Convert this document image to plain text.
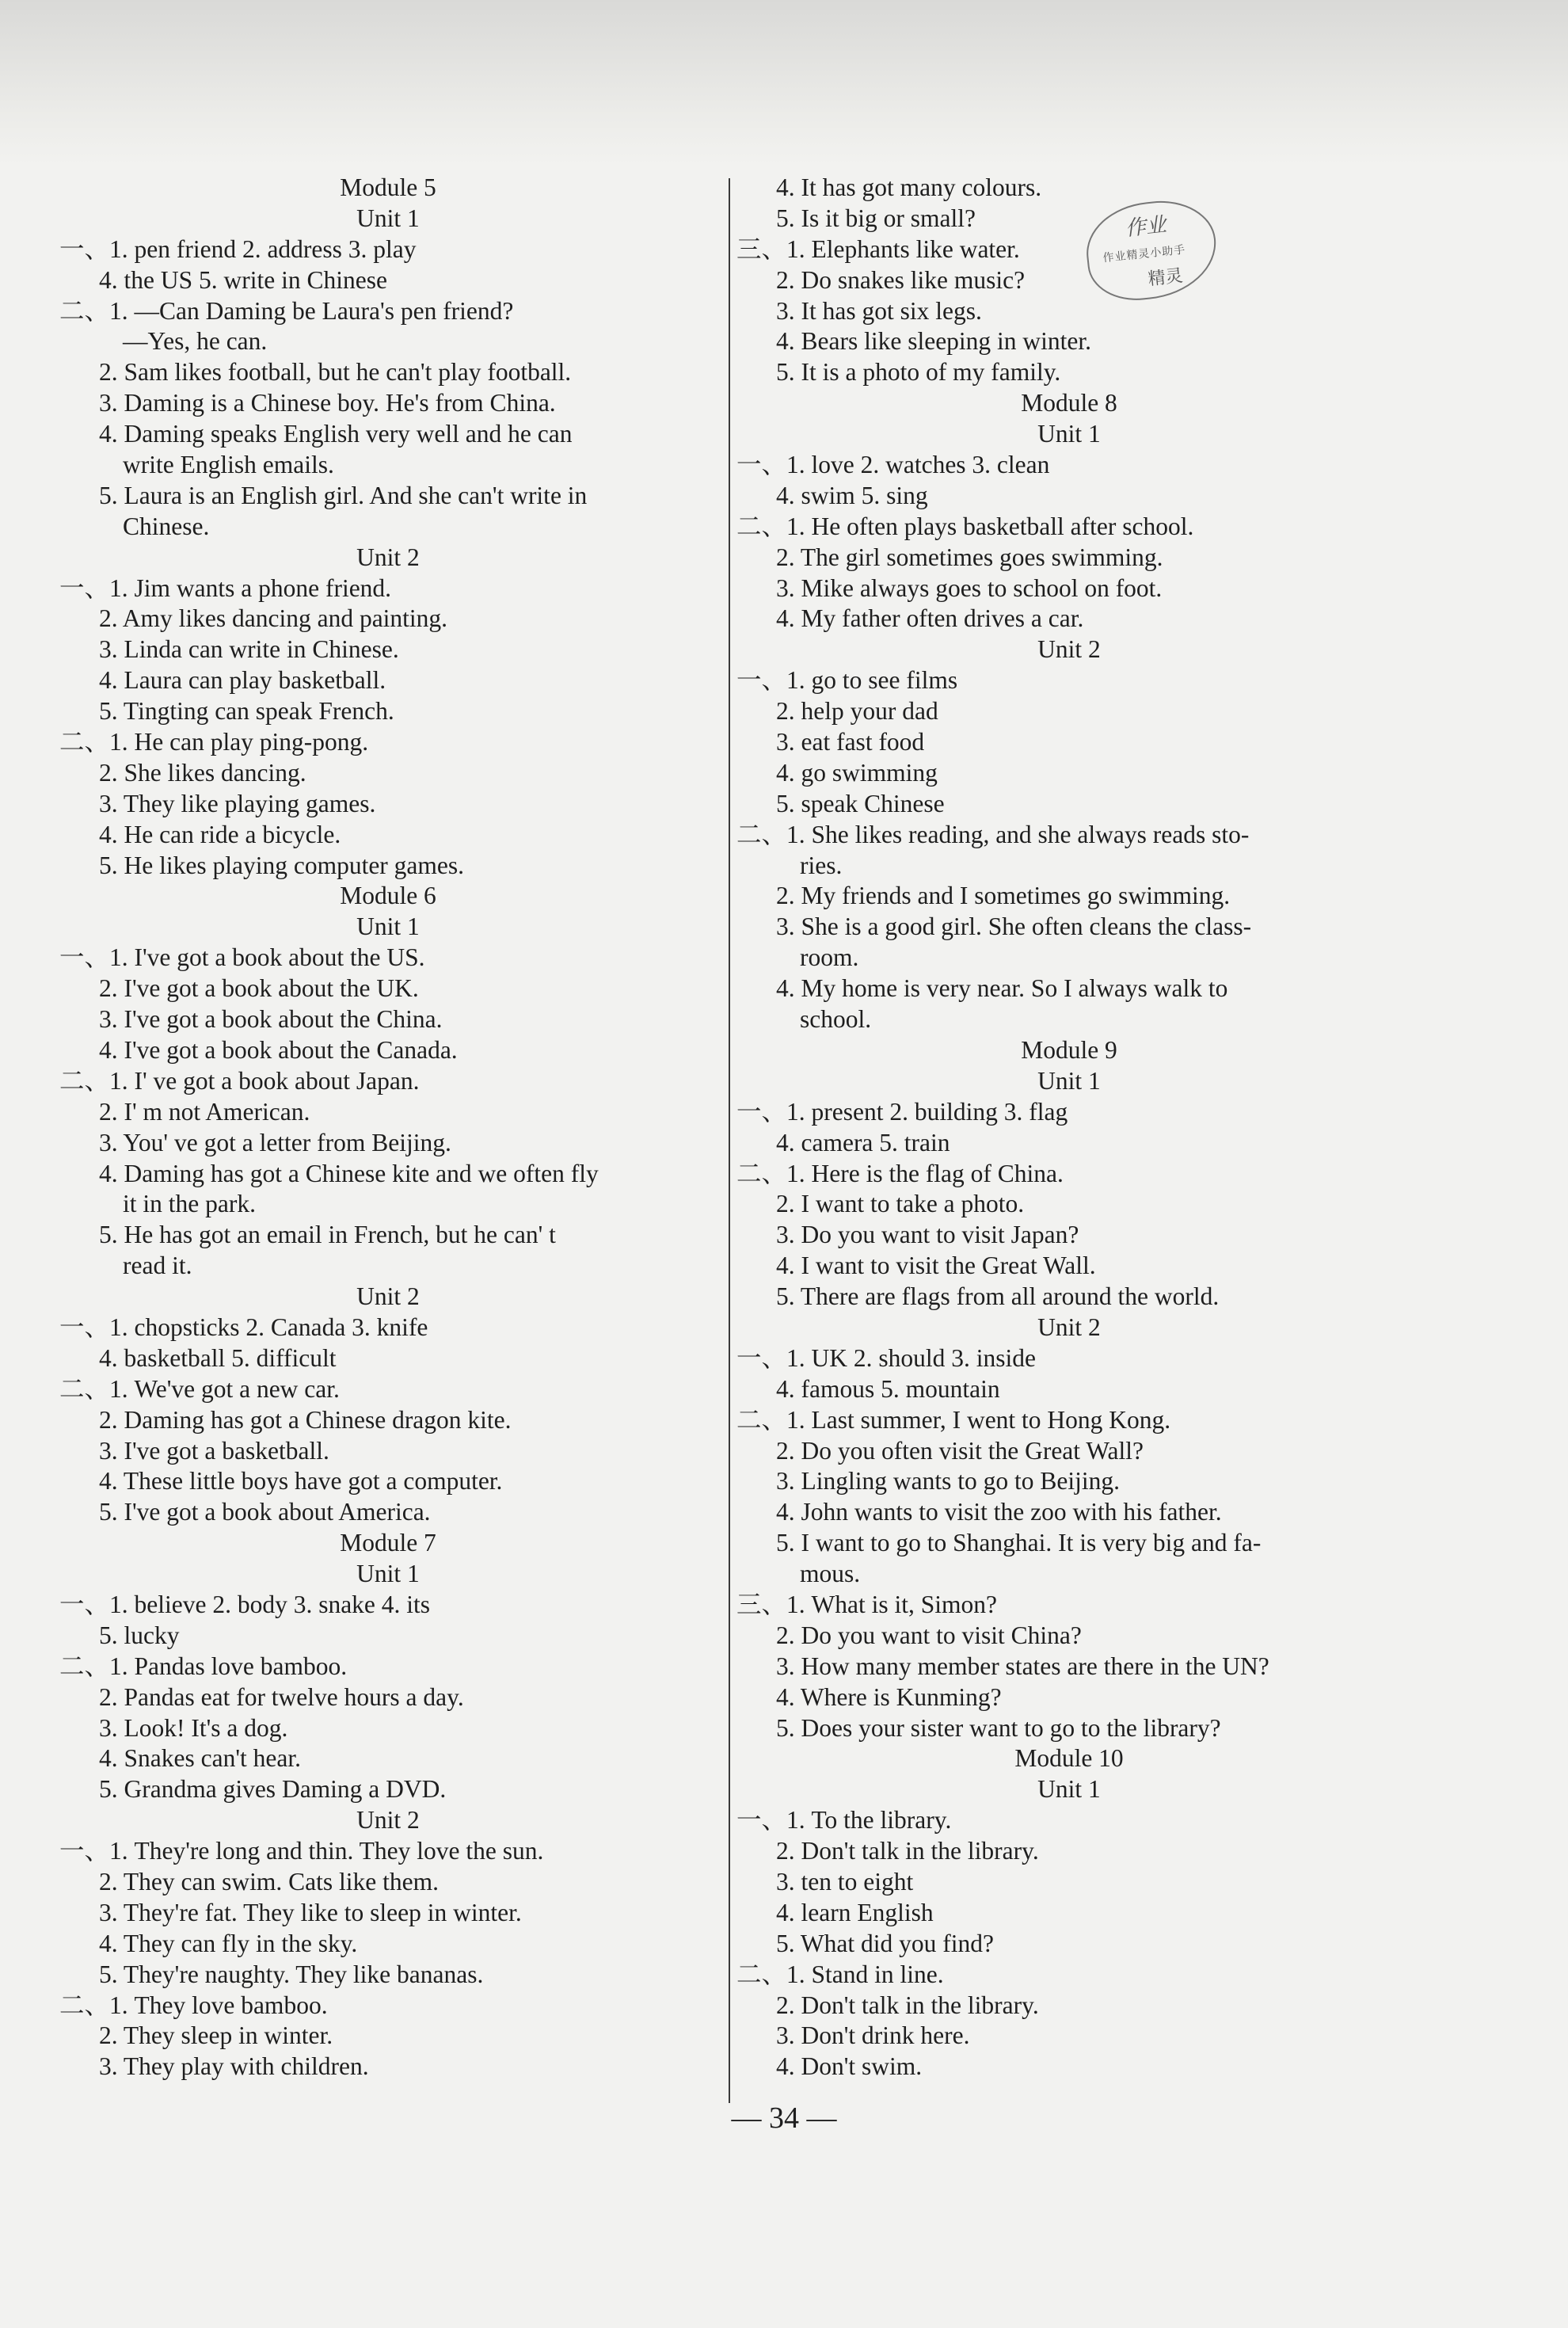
Module 5
Unit 1
一、1. pen friend 2. address 3. play
4. the US 5. write in Chinese
二、1. —Can Daming be Laura's pen friend?
—Yes, he can.
2. Sam likes football, but he can't play football.
3. Daming is a Chinese boy. He's from China.
4. Daming speaks English very well and he can
write English emails.
5. Laura is an English girl. And she can't write in
Chinese.
Unit 2
一、1. Jim wants a phone friend.
2. Amy likes dancing and painting.
3. Linda can write in Chinese.
4. Laura can play basketball.
5. Tingting can speak French.
二、1. He can play ping-pong.
2. She likes dancing.
3. They like playing games.
4. He can ride a bicycle.
5. He likes playing computer games.
Module 6
Unit 1
一、1. I've got a book about the US.
2. I've got a book about the UK.
3. I've got a book about the China.
4. I've got a book about the Canada.
二、1. I' ve got a book about Japan.
2. I' m not American.
3. You' ve got a letter from Beijing.
4. Daming has got a Chinese kite and we often fly
it in the park.
5. He has got an email in French, but he can' t
read it.
Unit 2
一、1. chopsticks 2. Canada 3. knife
4. basketball 5. difficult
二、1. We've got a new car.
2. Daming has got a Chinese dragon kite.
3. I've got a basketball.
4. These little boys have got a computer.
5. I've got a book about America.
Module 7
Unit 1
一、1. believe 2. body 3. snake 4. its
5. lucky
二、1. Pandas love bamboo.
2. Pandas eat for twelve hours a day.
3. Look! It's a dog.
4. Snakes can't hear.
5. Grandma gives Daming a DVD.
Unit 2
一、1. They're long and thin. They love the sun.
2. They can swim. Cats like them.
3. They're fat. They like to sleep in winter.
4. They can fly in the sky.
5. They're naughty. They like bananas.
二、1. They love bamboo.
2. They sleep in winter.
3. They play with children.
4. It has got many colours.
5. Is it big or small?
三、1. Elephants like water.
2. Do snakes like music?
3. It has got six legs.
4. Bears like sleeping in winter.
5. It is a photo of my family.
Module 8
Unit 1
一、1. love 2. watches 3. clean
4. swim 5. sing
二、1. He often plays basketball after school.
2. The girl sometimes goes swimming.
3. Mike always goes to school on foot.
4. My father often drives a car.
Unit 2
一、1. go to see films
2. help your dad
3. eat fast food
4. go swimming
5. speak Chinese
二、1. She likes reading, and she always reads sto-
ries.
2. My friends and I sometimes go swimming.
3. She is a good girl. She often cleans the class-
room.
4. My home is very near. So I always walk to
school.
Module 9
Unit 1
一、1. present 2. building 3. flag
4. camera 5. train
二、1. Here is the flag of China.
2. I want to take a photo.
3. Do you want to visit Japan?
4. I want to visit the Great Wall.
5. There are flags from all around the world.
Unit 2
一、1. UK 2. should 3. inside
4. famous 5. mountain
二、1. Last summer, I went to Hong Kong.
2. Do you often visit the Great Wall?
3. Lingling wants to go to Beijing.
4. John wants to visit the zoo with his father.
5. I want to go to Shanghai. It is very big and fa-
mous.
三、1. What is it, Simon?
2. Do you want to visit China?
3. How many member states are there in the UN?
4. Where is Kunming?
5. Does your sister want to go to the library?
Module 10
Unit 1
一、1. To the library.
2. Don't talk in the library.
3. ten to eight
4. learn English
5. What did you find?
二、1. Stand in line.
2. Don't talk in the library.
3. Don't drink here.
4. Don't swim.
作业
作业精灵小助手
精灵
— 34 —
